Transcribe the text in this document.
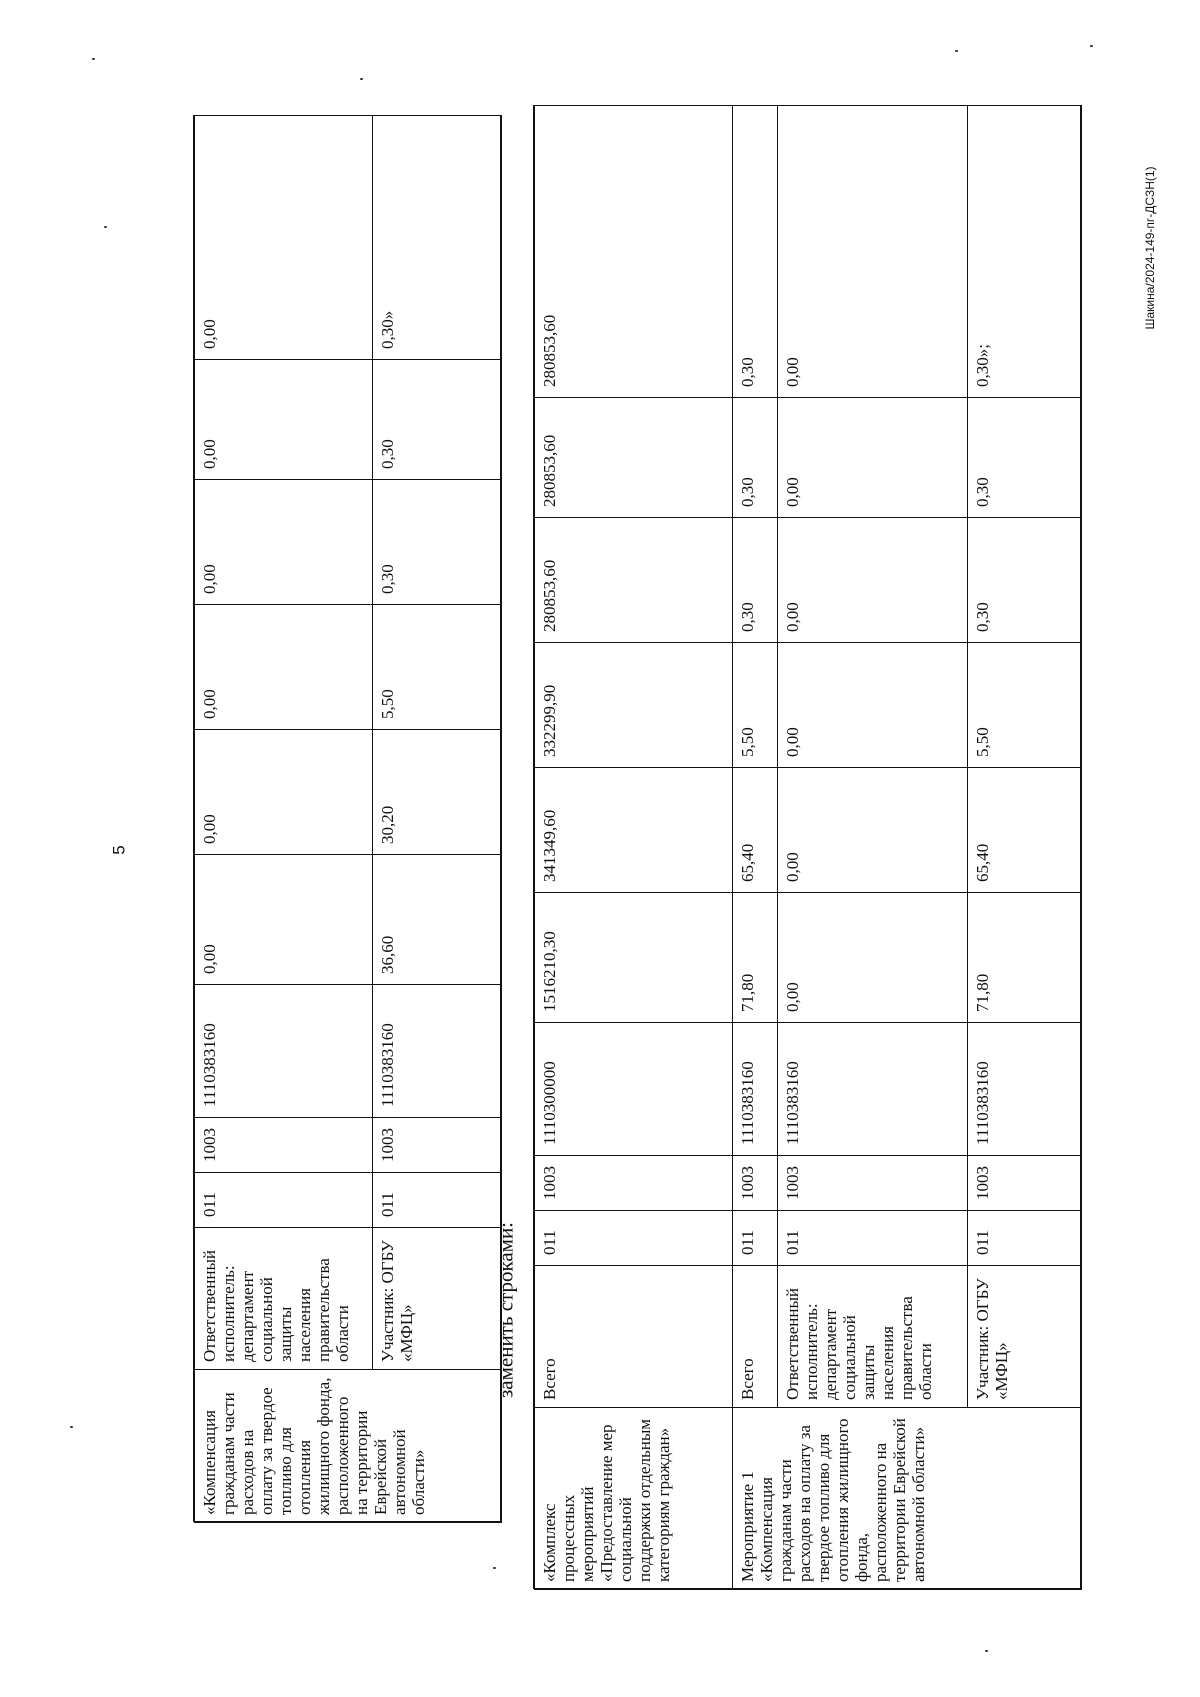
5
Шакина/2024-149-пг-ДСЗН(1)
«Компенсация гражданам части расходов на оплату за твердое топливо для отопления жилищного фонда, расположенного на территории Еврейской автономной области»	Ответственный исполнитель: департамент социальной защиты населения правительства области	011	1003	1110383160	0,00	0,00	0,00	0,00	0,00	0,00
	Участник: ОГБУ «МФЦ»	011	1003	1110383160	36,60	30,20	5,50	0,30	0,30	0,30»
заменить строками:
«Комплекс процессных мероприятий «Предоставление мер социальной поддержки отдельным категориям граждан»	Всего	011	1003	1110300000	1516210,30	341349,60	332299,90	280853,60	280853,60	280853,60
Мероприятие 1 «Компенсация гражданам части расходов на оплату за твердое топливо для отопления жилищного фонда, расположенного на территории Еврейской автономной области»	Всего	011	1003	1110383160	71,80	65,40	5,50	0,30	0,30	0,30
	Ответственный исполнитель: департамент социальной защиты населения правительства области	011	1003	1110383160	0,00	0,00	0,00	0,00	0,00	0,00
	Участник: ОГБУ «МФЦ»	011	1003	1110383160	71,80	65,40	5,50	0,30	0,30	0,30»;
